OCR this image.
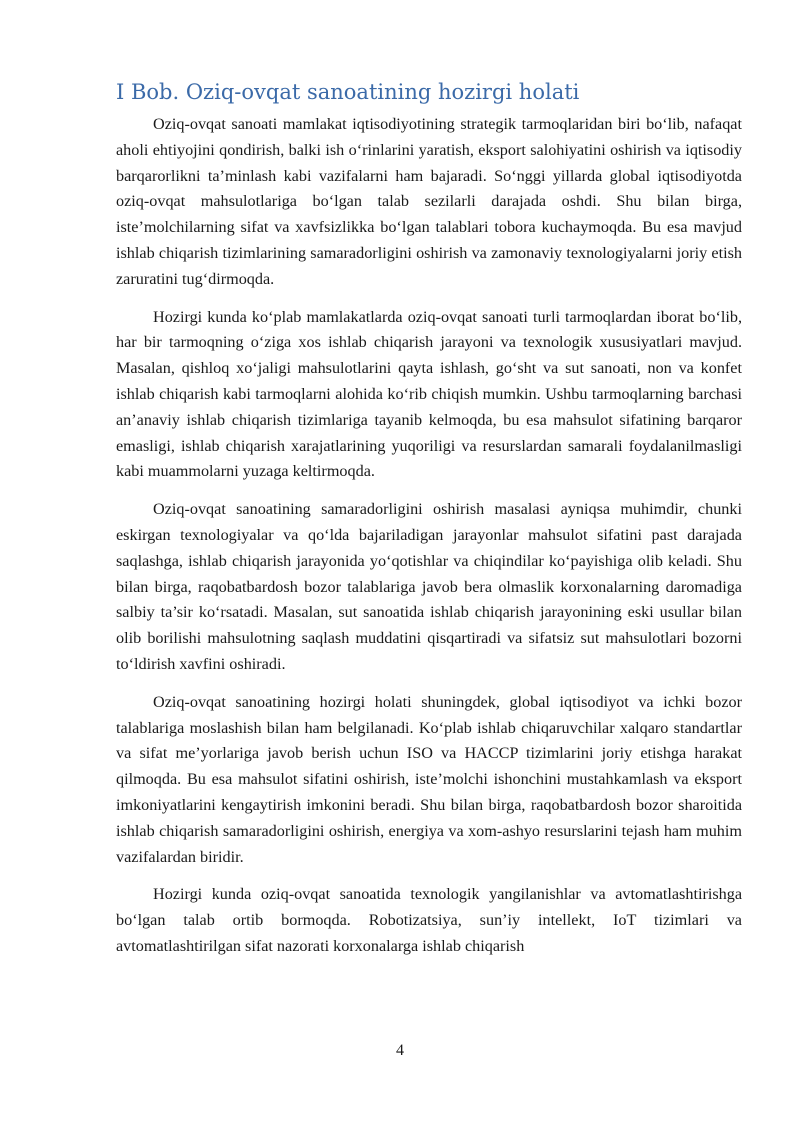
I Bob. Oziq-ovqat sanoatining hozirgi holati

Oziq-ovqat sanoati mamlakat iqtisodiyotining strategik tarmoqlaridan biri bo‘lib, nafaqat aholi ehtiyojini qondirish, balki ish o‘rinlarini yaratish, eksport salohiyatini oshirish va iqtisodiy barqarorlikni ta’minlash kabi vazifalarni ham bajaradi. So‘nggi yillarda global iqtisodiyotda oziq-ovqat mahsulotlariga bo‘lgan talab sezilarli darajada oshdi. Shu bilan birga, iste’molchilarning sifat va xavfsizlikka bo‘lgan talablari tobora kuchaymoqda. Bu esa mavjud ishlab chiqarish tizimlarining samaradorligini oshirish va zamonaviy texnologiyalarni joriy etish zaruratini tug‘dirmoqda.

Hozirgi kunda ko‘plab mamlakatlarda oziq-ovqat sanoati turli tarmoqlardan iborat bo‘lib, har bir tarmoqning o‘ziga xos ishlab chiqarish jarayoni va texnologik xususiyatlari mavjud. Masalan, qishloq xo‘jaligi mahsulotlarini qayta ishlash, go‘sht va sut sanoati, non va konfet ishlab chiqarish kabi tarmoqlarni alohida ko‘rib chiqish mumkin. Ushbu tarmoqlarning barchasi an’anaviy ishlab chiqarish tizimlariga tayanib kelmoqda, bu esa mahsulot sifatining barqaror emasligi, ishlab chiqarish xarajatlarining yuqoriligi va resurslardan samarali foydalanilmasligi kabi muammolarni yuzaga keltirmoqda.

Oziq-ovqat sanoatining samaradorligini oshirish masalasi ayniqsa muhimdir, chunki eskirgan texnologiyalar va qo‘lda bajariladigan jarayonlar mahsulot sifatini past darajada saqlashga, ishlab chiqarish jarayonida yo‘qotishlar va chiqindilar ko‘payishiga olib keladi. Shu bilan birga, raqobatbardosh bozor talablariga javob bera olmaslik korxonalarning daromadiga salbiy ta’sir ko‘rsatadi. Masalan, sut sanoatida ishlab chiqarish jarayonining eski usullar bilan olib borilishi mahsulotning saqlash muddatini qisqartiradi va sifatsiz sut mahsulotlari bozorni to‘ldirish xavfini oshiradi.

Oziq-ovqat sanoatining hozirgi holati shuningdek, global iqtisodiyot va ichki bozor talablariga moslashish bilan ham belgilanadi. Ko‘plab ishlab chiqaruvchilar xalqaro standartlar va sifat me’yorlariga javob berish uchun ISO va HACCP tizimlarini joriy etishga harakat qilmoqda. Bu esa mahsulot sifatini oshirish, iste’molchi ishonchini mustahkamlash va eksport imkoniyatlarini kengaytirish imkonini beradi. Shu bilan birga, raqobatbardosh bozor sharoitida ishlab chiqarish samaradorligini oshirish, energiya va xom-ashyo resurslarini tejash ham muhim vazifalardan biridir.

Hozirgi kunda oziq-ovqat sanoatida texnologik yangilanishlar va avtomatlashtirishga bo‘lgan talab ortib bormoqda. Robotizatsiya, sun’iy intellekt, IoT tizimlari va avtomatlashtirilgan sifat nazorati korxonalarga ishlab chiqarish

4
